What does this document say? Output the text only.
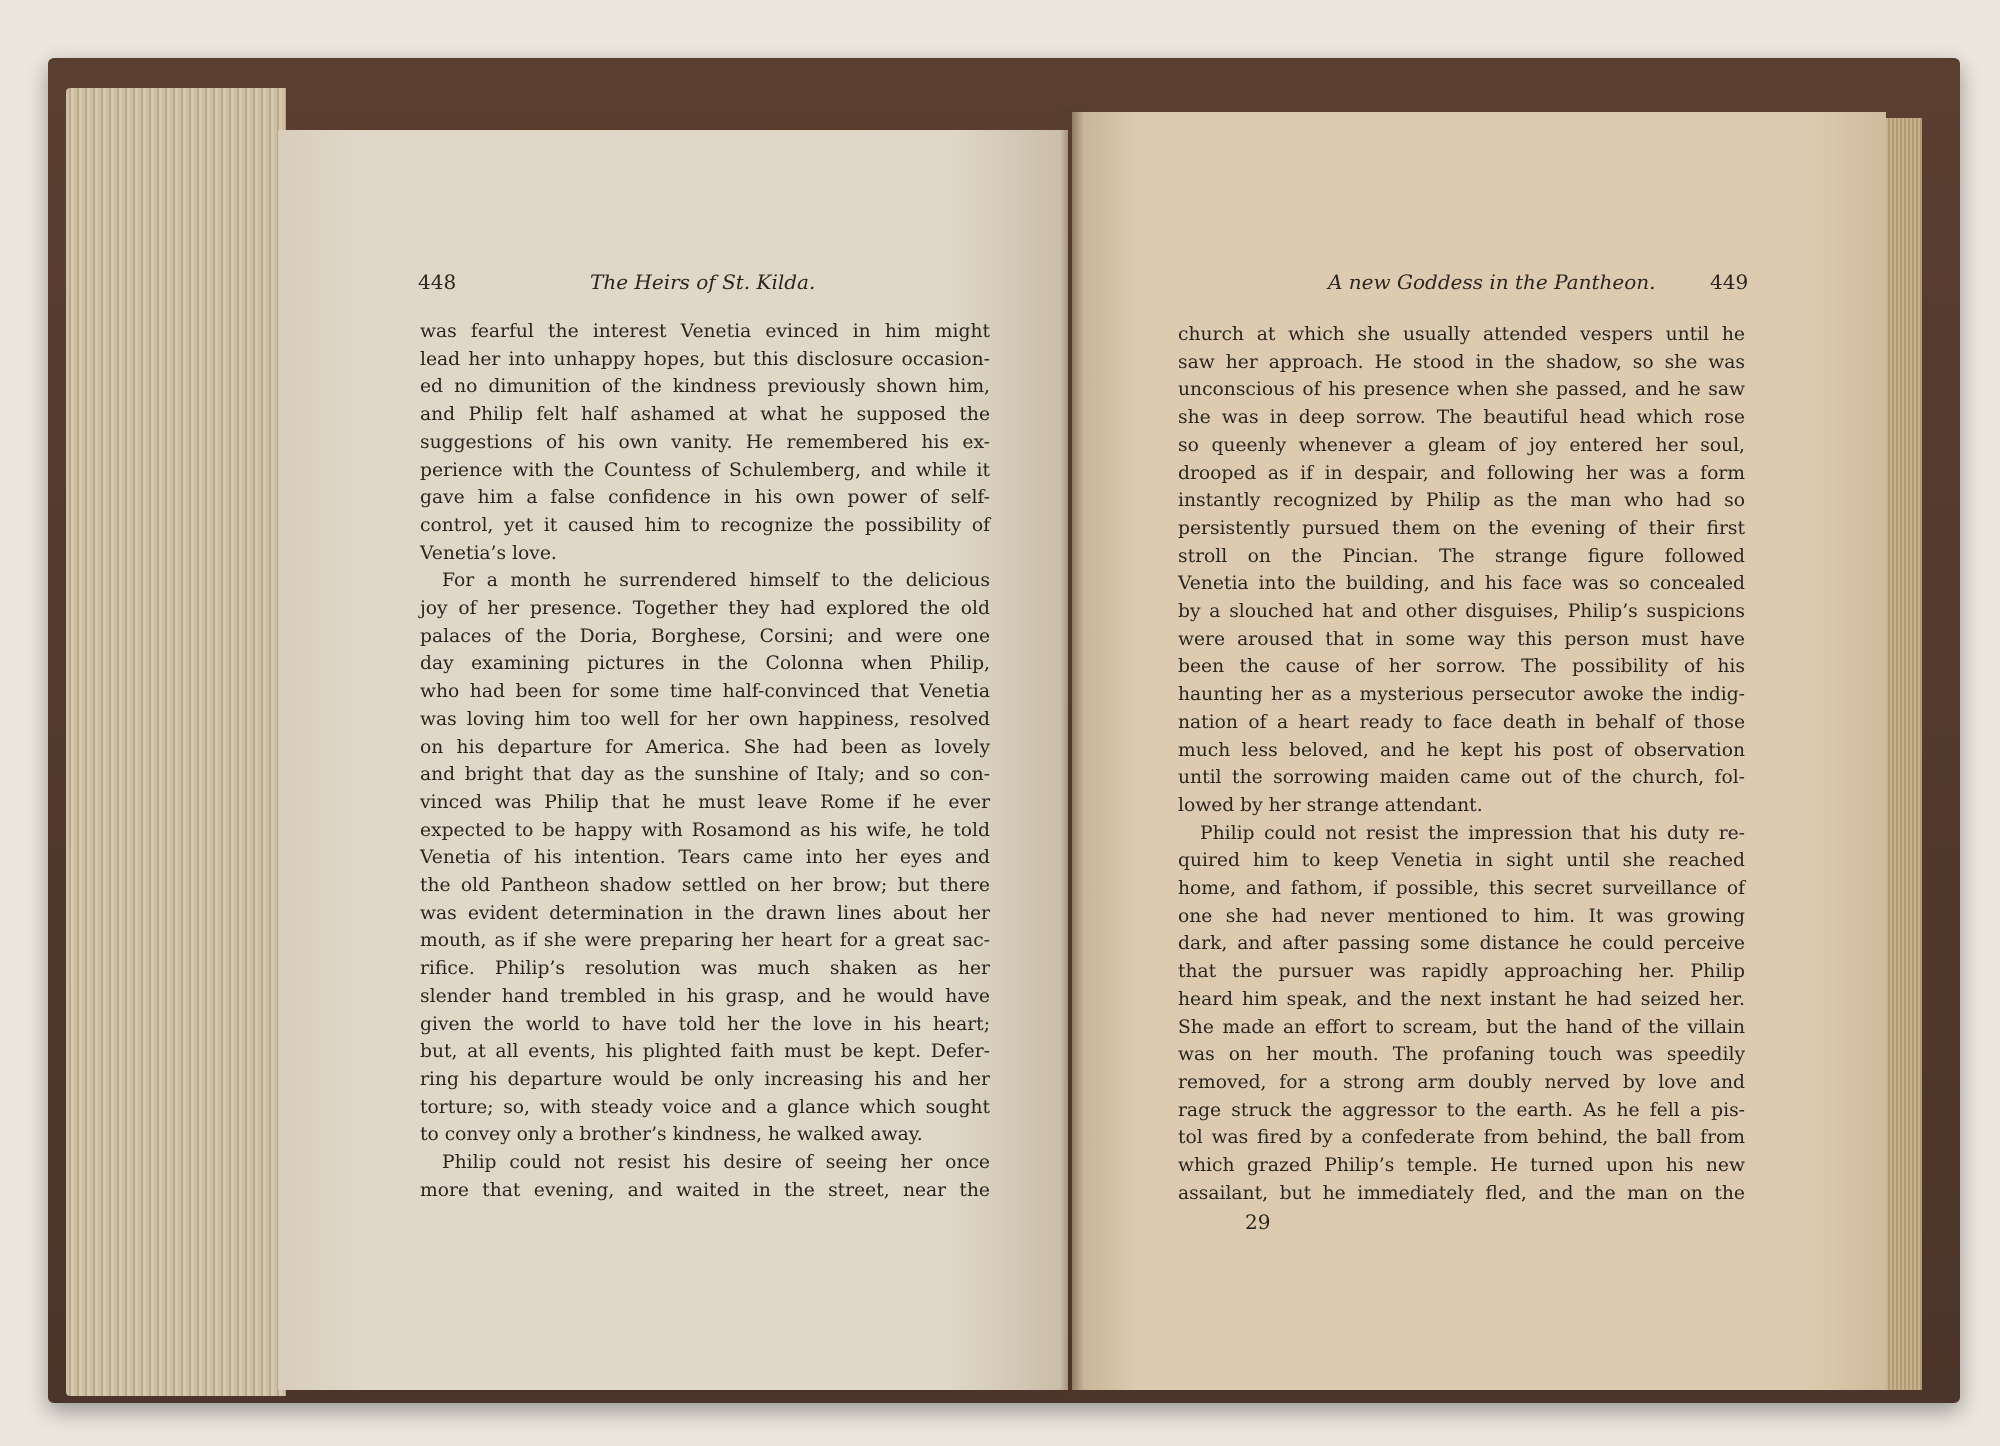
448	The Heirs of St. Kilda.	A new Goddess in the Pantheon.	449
was fearful the interest Venetia evinced in him might
lead her into unhappy hopes, but this disclosure occasion-
ed no dimunition of the kindness previously shown him,
and Philip felt half ashamed at what he supposed the
suggestions of his own vanity. He remembered his ex-
perience with the Countess of Schulemberg, and while it
gave him a false confidence in his own power of self-
control, yet it caused him to recognize the possibility of
Venetia’s love.
For a month he surrendered himself to the delicious
joy of her presence. Together they had explored the old
palaces of the Doria, Borghese, Corsini; and were one
day examining pictures in the Colonna when Philip,
who had been for some time half-convinced that Venetia
was loving him too well for her own happiness, resolved
on his departure for America. She had been as lovely
and bright that day as the sunshine of Italy; and so con-
vinced was Philip that he must leave Rome if he ever
expected to be happy with Rosamond as his wife, he told
Venetia of his intention. Tears came into her eyes and
the old Pantheon shadow settled on her brow; but there
was evident determination in the drawn lines about her
mouth, as if she were preparing her heart for a great sac-
rifice. Philip’s resolution was much shaken as her
slender hand trembled in his grasp, and he would have
given the world to have told her the love in his heart;
but, at all events, his plighted faith must be kept. Defer-
ring his departure would be only increasing his and her
torture; so, with steady voice and a glance which sought
to convey only a brother’s kindness, he walked away.
Philip could not resist his desire of seeing her once
more that evening, and waited in the street, near the
church at which she usually attended vespers until he
saw her approach. He stood in the shadow, so she was
unconscious of his presence when she passed, and he saw
she was in deep sorrow. The beautiful head which rose
so queenly whenever a gleam of joy entered her soul,
drooped as if in despair, and following her was a form
instantly recognized by Philip as the man who had so
persistently pursued them on the evening of their first
stroll on the Pincian. The strange figure followed
Venetia into the building, and his face was so concealed
by a slouched hat and other disguises, Philip’s suspicions
were aroused that in some way this person must have
been the cause of her sorrow. The possibility of his
haunting her as a mysterious persecutor awoke the indig-
nation of a heart ready to face death in behalf of those
much less beloved, and he kept his post of observation
until the sorrowing maiden came out of the church, fol-
lowed by her strange attendant.
Philip could not resist the impression that his duty re-
quired him to keep Venetia in sight until she reached
home, and fathom, if possible, this secret surveillance of
one she had never mentioned to him. It was growing
dark, and after passing some distance he could perceive
that the pursuer was rapidly approaching her. Philip
heard him speak, and the next instant he had seized her.
She made an effort to scream, but the hand of the villain
was on her mouth. The profaning touch was speedily
removed, for a strong arm doubly nerved by love and
rage struck the aggressor to the earth. As he fell a pis-
tol was fired by a confederate from behind, the ball from
which grazed Philip’s temple. He turned upon his new
assailant, but he immediately fled, and the man on the
29
